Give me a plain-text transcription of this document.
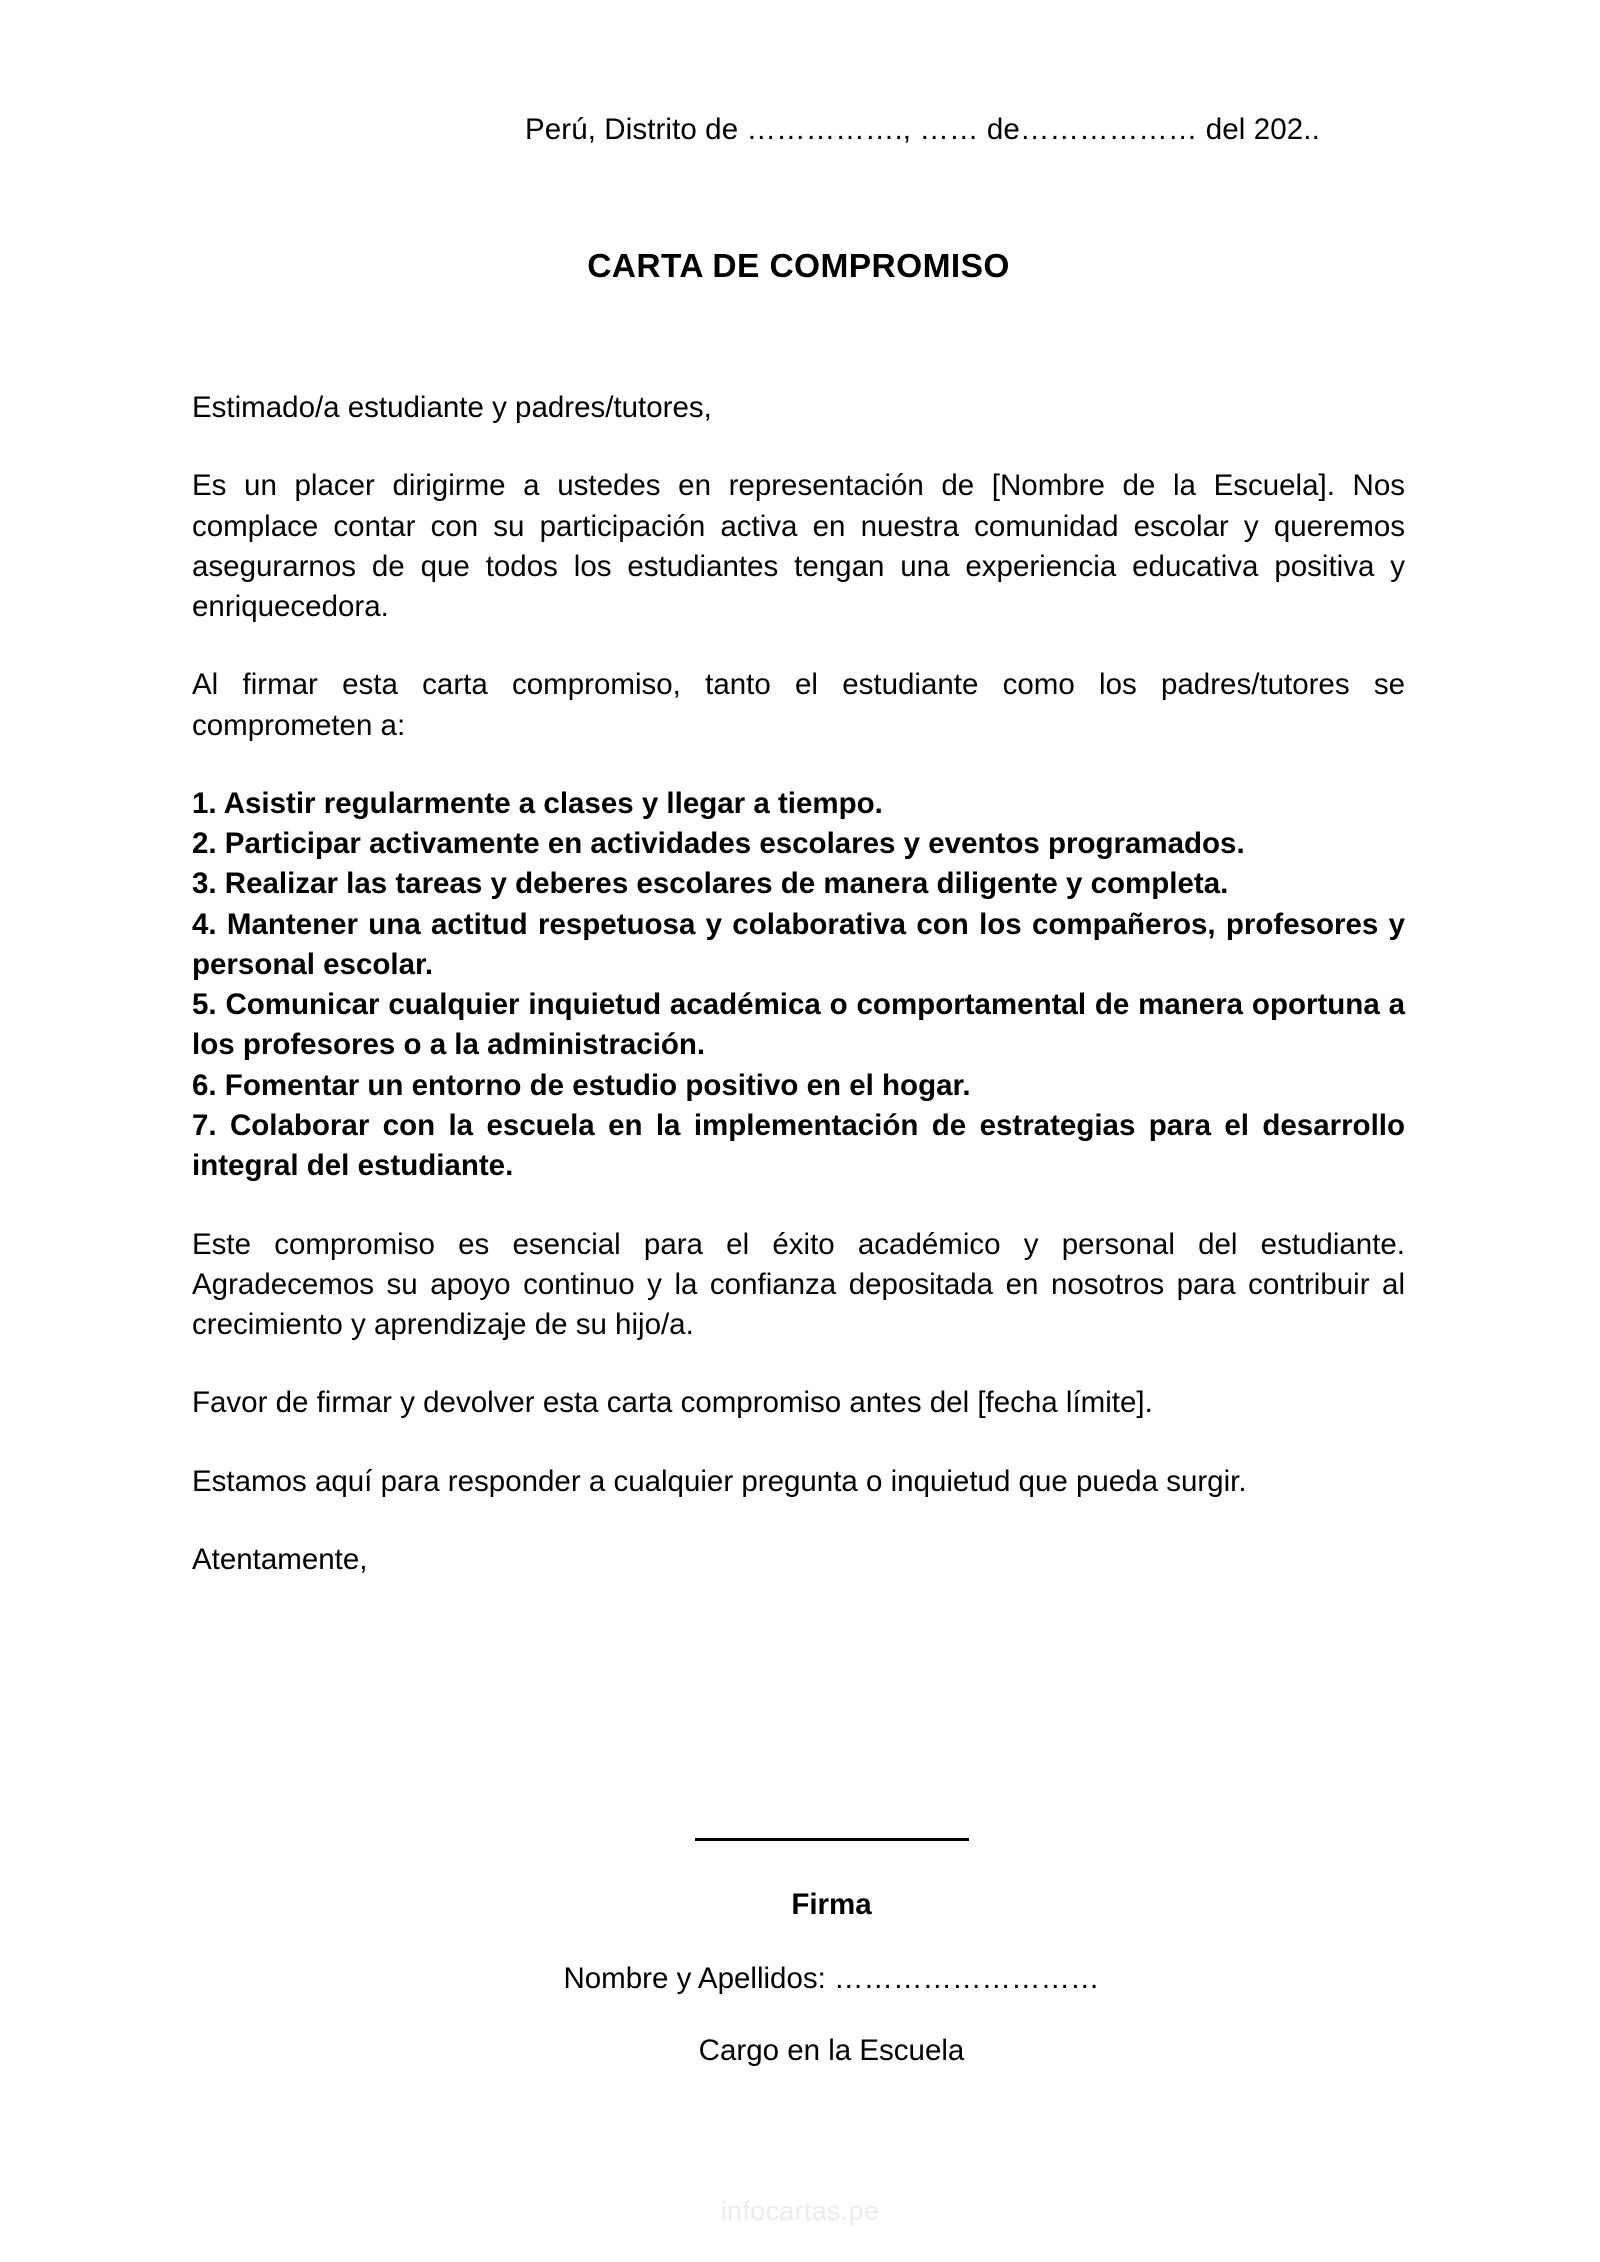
Perú, Distrito de ……………., …… de……………… del 202..
CARTA DE COMPROMISO

Estimado/a estudiante y padres/tutores,

Es un placer dirigirme a ustedes en representación de [Nombre de la Escuela]. Nos complace contar con su participación activa en nuestra comunidad escolar y queremos asegurarnos de que todos los estudiantes tengan una experiencia educativa positiva y enriquecedora.

Al firmar esta carta compromiso, tanto el estudiante como los padres/tutores se comprometen a:

1. Asistir regularmente a clases y llegar a tiempo.
2. Participar activamente en actividades escolares y eventos programados.
3. Realizar las tareas y deberes escolares de manera diligente y completa.
4. Mantener una actitud respetuosa y colaborativa con los compañeros, profesores y personal escolar.
5. Comunicar cualquier inquietud académica o comportamental de manera oportuna a los profesores o a la administración.
6. Fomentar un entorno de estudio positivo en el hogar.
7. Colaborar con la escuela en la implementación de estrategias para el desarrollo integral del estudiante.

Este compromiso es esencial para el éxito académico y personal del estudiante. Agradecemos su apoyo continuo y la confianza depositada en nosotros para contribuir al crecimiento y aprendizaje de su hijo/a.

Favor de firmar y devolver esta carta compromiso antes del [fecha límite].

Estamos aquí para responder a cualquier pregunta o inquietud que pueda surgir.

Atentamente,

Firma
Nombre y Apellidos: ………………………
Cargo en la Escuela
infocartas.pe
